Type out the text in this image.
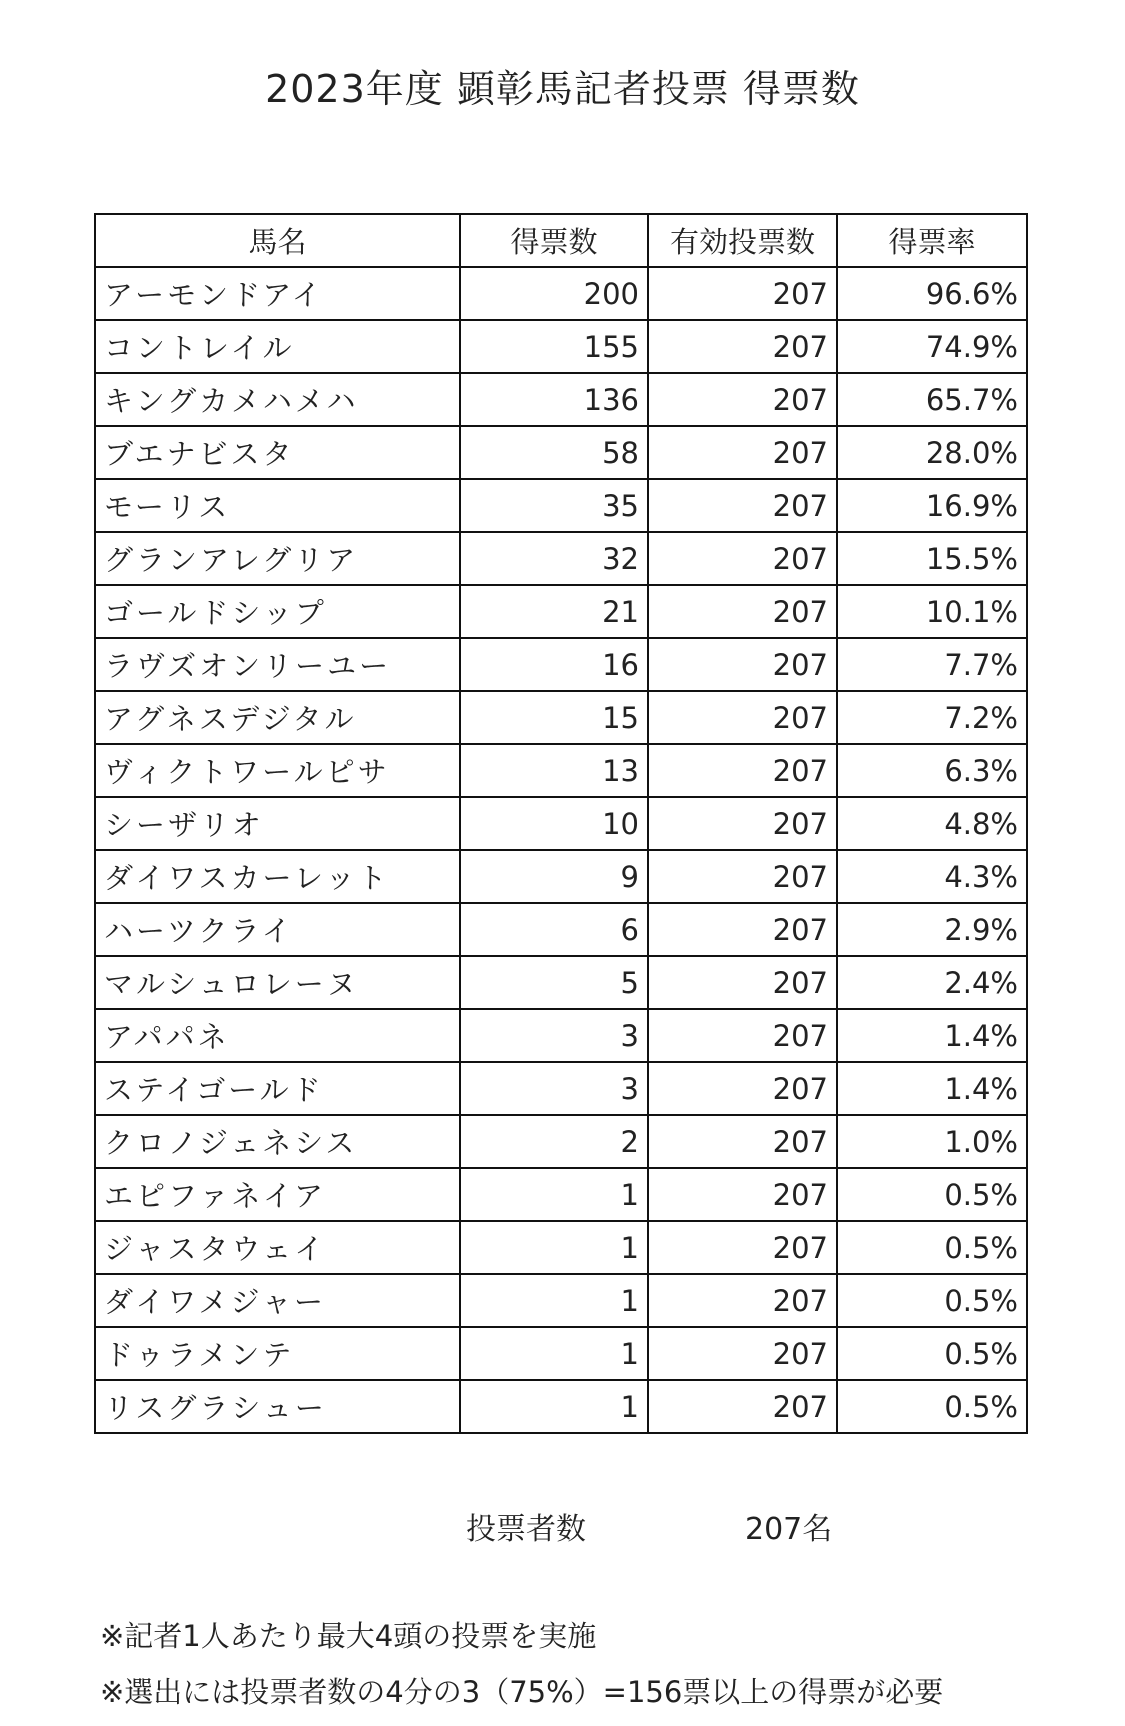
2023年度 顕彰馬記者投票 得票数
馬名	得票数	有効投票数	得票率
アーモンドアイ	200	207	96.6%
コントレイル	155	207	74.9%
キングカメハメハ	136	207	65.7%
ブエナビスタ	58	207	28.0%
モーリス	35	207	16.9%
グランアレグリア	32	207	15.5%
ゴールドシップ	21	207	10.1%
ラヴズオンリーユー	16	207	7.7%
アグネスデジタル	15	207	7.2%
ヴィクトワールピサ	13	207	6.3%
シーザリオ	10	207	4.8%
ダイワスカーレット	9	207	4.3%
ハーツクライ	6	207	2.9%
マルシュロレーヌ	5	207	2.4%
アパパネ	3	207	1.4%
ステイゴールド	3	207	1.4%
クロノジェネシス	2	207	1.0%
エピファネイア	1	207	0.5%
ジャスタウェイ	1	207	0.5%
ダイワメジャー	1	207	0.5%
ドゥラメンテ	1	207	0.5%
リスグラシュー	1	207	0.5%
投票者数	207名
※記者1人あたり最大4頭の投票を実施
※選出には投票者数の4分の3（75%）=156票以上の得票が必要
